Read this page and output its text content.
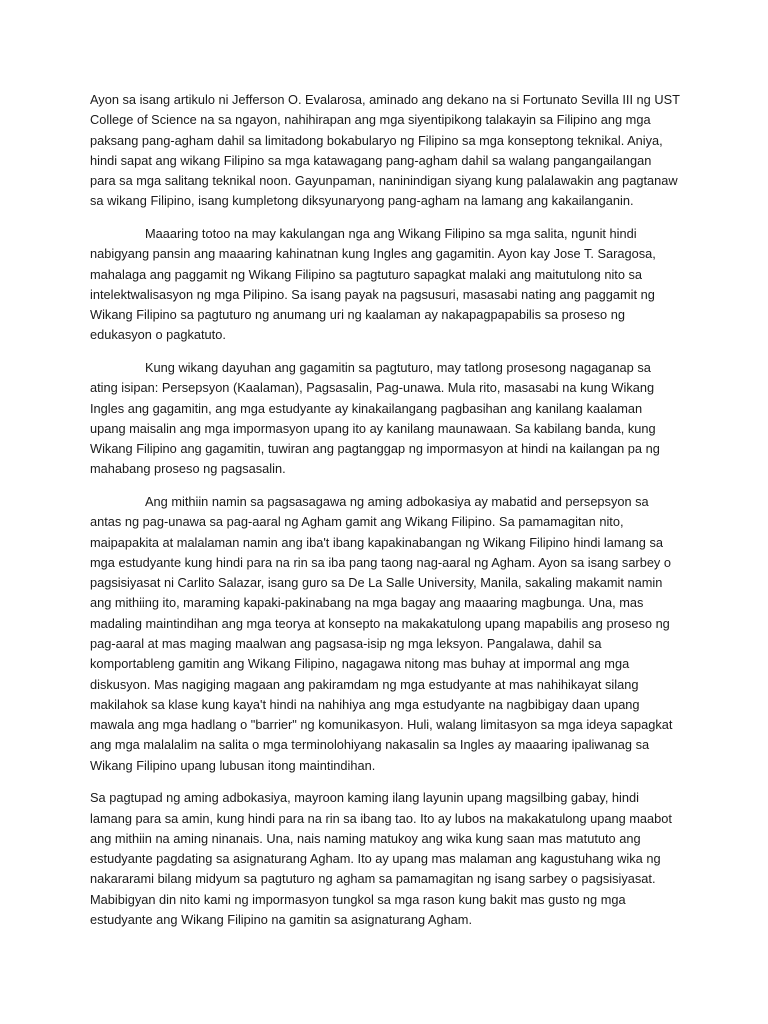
Ayon sa isang artikulo ni Jefferson O. Evalarosa, aminado ang dekano na si Fortunato Sevilla III ng UST College of Science na sa ngayon, nahihirapan ang mga siyentipikong talakayin sa Filipino ang mga paksang pang-agham dahil sa limitadong bokabularyo ng Filipino sa mga konseptong teknikal. Aniya, hindi sapat ang wikang Filipino sa mga katawagang pang-agham dahil sa walang pangangailangan para sa mga salitang teknikal noon. Gayunpaman, naninindigan siyang kung palalawakin ang pagtanaw sa wikang Filipino, isang kumpletong diksyunaryong pang-agham na lamang ang kakailanganin.

Maaaring totoo na may kakulangan nga ang Wikang Filipino sa mga salita, ngunit hindi nabigyang pansin ang maaaring kahinatnan kung Ingles ang gagamitin. Ayon kay Jose T. Saragosa, mahalaga ang paggamit ng Wikang Filipino sa pagtuturo sapagkat malaki ang maitutulong nito sa intelektwalisasyon ng mga Pilipino. Sa isang payak na pagsusuri, masasabi nating ang paggamit ng Wikang Filipino sa pagtuturo ng anumang uri ng kaalaman ay nakapagpapabilis sa proseso ng edukasyon o pagkatuto.

Kung wikang dayuhan ang gagamitin sa pagtuturo, may tatlong prosesong nagaganap sa ating isipan: Persepsyon (Kaalaman), Pagsasalin, Pag-unawa. Mula rito, masasabi na kung Wikang Ingles ang gagamitin, ang mga estudyante ay kinakailangang pagbasihan ang kanilang kaalaman upang maisalin ang mga impormasyon upang ito ay kanilang maunawaan. Sa kabilang banda, kung Wikang Filipino ang gagamitin, tuwiran ang pagtanggap ng impormasyon at hindi na kailangan pa ng mahabang proseso ng pagsasalin.

Ang mithiin namin sa pagsasagawa ng aming adbokasiya ay mabatid and persepsyon sa antas ng pag-unawa sa pag-aaral ng Agham gamit ang Wikang Filipino. Sa pamamagitan nito, maipapakita at malalaman namin ang iba't ibang kapakinabangan ng Wikang Filipino hindi lamang sa mga estudyante kung hindi para na rin sa iba pang taong nag-aaral ng Agham. Ayon sa isang sarbey o pagsisiyasat ni Carlito Salazar, isang guro sa De La Salle University, Manila, sakaling makamit namin ang mithiing ito, maraming kapaki-pakinabang na mga bagay ang maaaring magbunga. Una, mas madaling maintindihan ang mga teorya at konsepto na makakatulong upang mapabilis ang proseso ng pag-aaral at mas maging maalwan ang pagsasa-isip ng mga leksyon. Pangalawa, dahil sa komportableng gamitin ang Wikang Filipino, nagagawa nitong mas buhay at impormal ang mga diskusyon. Mas nagiging magaan ang pakiramdam ng mga estudyante at mas nahihikayat silang makilahok sa klase kung kaya't hindi na nahihiya ang mga estudyante na nagbibigay daan upang mawala ang mga hadlang o "barrier" ng komunikasyon. Huli, walang limitasyon sa mga ideya sapagkat ang mga malalalim na salita o mga terminolohiyang nakasalin sa Ingles ay maaaring ipaliwanag sa Wikang Filipino upang lubusan itong maintindihan.

Sa pagtupad ng aming adbokasiya, mayroon kaming ilang layunin upang magsilbing gabay, hindi lamang para sa amin, kung hindi para na rin sa ibang tao. Ito ay lubos na makakatulong upang maabot ang mithiin na aming ninanais. Una, nais naming matukoy ang wika kung saan mas matututo ang estudyante pagdating sa asignaturang Agham. Ito ay upang mas malaman ang kagustuhang wika ng nakararami bilang midyum sa pagtuturo ng agham sa pamamagitan ng isang sarbey o pagsisiyasat. Mabibigyan din nito kami ng impormasyon tungkol sa mga rason kung bakit mas gusto ng mga estudyante ang Wikang Filipino na gamitin sa asignaturang Agham.
